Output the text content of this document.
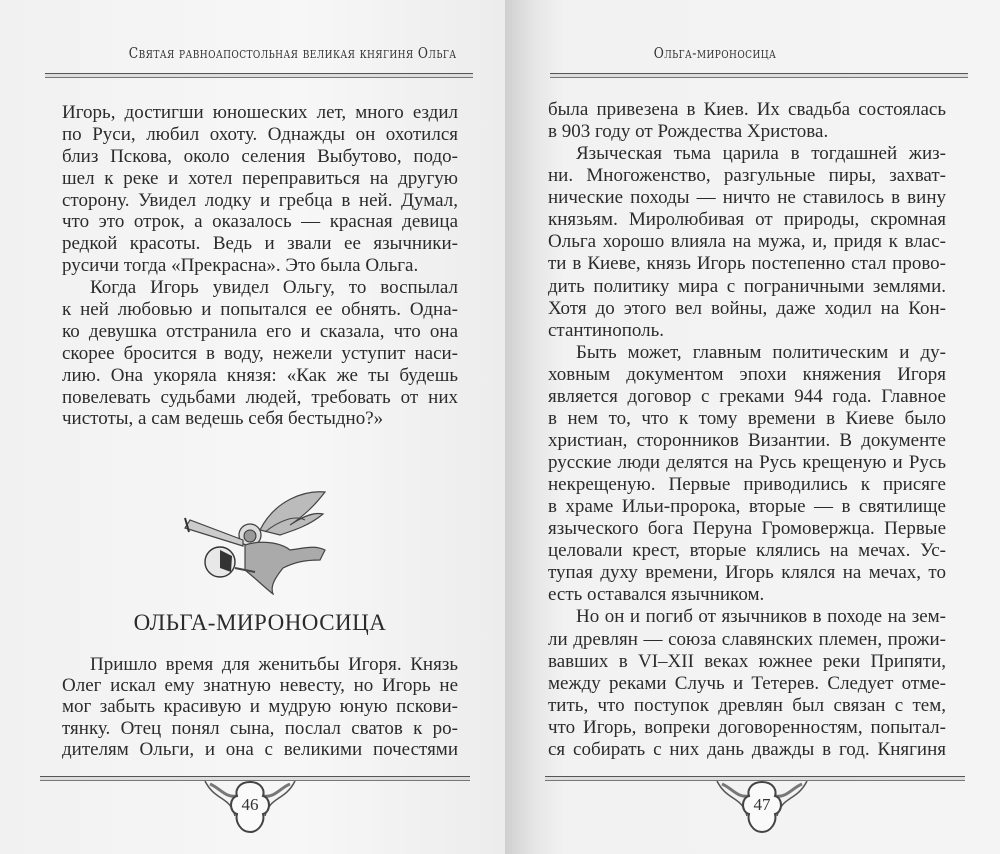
Святая равноапостольная великая княгиня Ольга
Игорь, достигши юношеских лет, много ездил
по Руси, любил охоту. Однажды он охотился
близ Пскова, около селения Выбутово, подо-
шел к реке и хотел переправиться на другую
сторону. Увидел лодку и гребца в ней. Думал,
что это отрок, а оказалось — красная девица
редкой красоты. Ведь и звали ее язычники-
русичи тогда «Прекрасна». Это была Ольга.
Когда Игорь увидел Ольгу, то воспылал
к ней любовью и попытался ее обнять. Одна-
ко девушка отстранила его и сказала, что она
скорее бросится в воду, нежели уступит наси-
лию. Она укоряла князя: «Как же ты будешь
повелевать судьбами людей, требовать от них
чистоты, а сам ведешь себя бестыдно?»
ОЛЬГА-МИРОНОСИЦА
Пришло время для женитьбы Игоря. Князь
Олег искал ему знатную невесту, но Игорь не
мог забыть красивую и мудрую юную пскови-
тянку. Отец понял сына, послал сватов к ро-
дителям Ольги, и она с великими почестями
46
Ольга-мироносица
была привезена в Киев. Их свадьба состоялась
в 903 году от Рождества Христова.
Языческая тьма царила в тогдашней жиз-
ни. Многоженство, разгульные пиры, захват-
нические походы — ничто не ставилось в вину
князьям. Миролюбивая от природы, скромная
Ольга хорошо влияла на мужа, и, придя к влас-
ти в Киеве, князь Игорь постепенно стал прово-
дить политику мира с пограничными землями.
Хотя до этого вел войны, даже ходил на Кон-
стантинополь.
Быть может, главным политическим и ду-
ховным документом эпохи княжения Игоря
является договор с греками 944 года. Главное
в нем то, что к тому времени в Киеве было
христиан, сторонников Византии. В документе
русские люди делятся на Русь крещеную и Русь
некрещеную. Первые приводились к присяге
в храме Ильи-пророка, вторые — в святилище
языческого бога Перуна Громовержца. Первые
целовали крест, вторые клялись на мечах. Ус-
тупая духу времени, Игорь клялся на мечах, то
есть оставался язычником.
Но он и погиб от язычников в походе на зем-
ли древлян — союза славянских племен, прожи-
вавших в VI–XII веках южнее реки Припяти,
между реками Случь и Тетерев. Следует отме-
тить, что поступок древлян был связан с тем,
что Игорь, вопреки договоренностям, попытал-
ся собирать с них дань дважды в год. Княгиня
47
